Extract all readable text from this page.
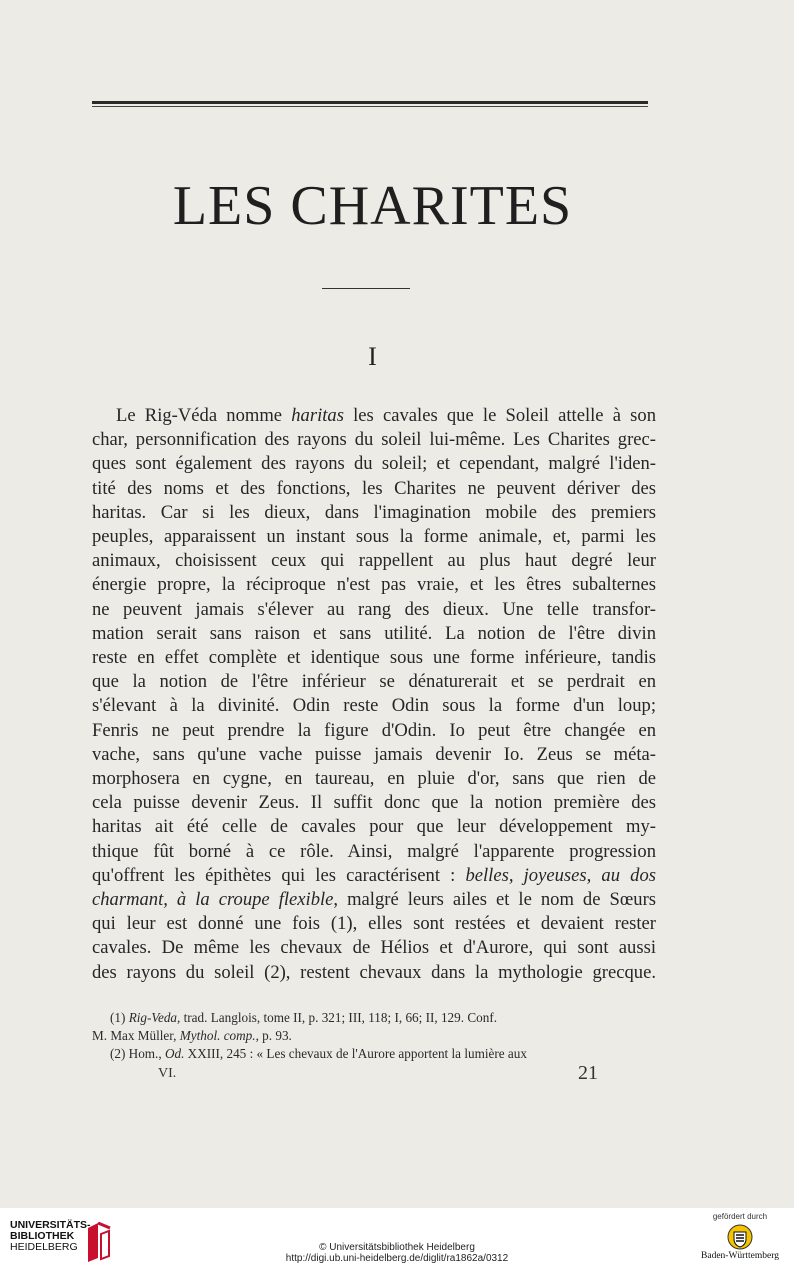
LES CHARITES
I
Le Rig-Véda nomme haritas les cavales que le Soleil attelle à son
char, personnification des rayons du soleil lui-même. Les Charites grec-
ques sont également des rayons du soleil; et cependant, malgré l'iden-
tité des noms et des fonctions, les Charites ne peuvent dériver des
haritas. Car si les dieux, dans l'imagination mobile des premiers
peuples, apparaissent un instant sous la forme animale, et, parmi les
animaux, choisissent ceux qui rappellent au plus haut degré leur
énergie propre, la réciproque n'est pas vraie, et les êtres subalternes
ne peuvent jamais s'élever au rang des dieux. Une telle transfor-
mation serait sans raison et sans utilité. La notion de l'être divin
reste en effet complète et identique sous une forme inférieure, tandis
que la notion de l'être inférieur se dénaturerait et se perdrait en
s'élevant à la divinité. Odin reste Odin sous la forme d'un loup;
Fenris ne peut prendre la figure d'Odin. Io peut être changée en
vache, sans qu'une vache puisse jamais devenir Io. Zeus se méta-
morphosera en cygne, en taureau, en pluie d'or, sans que rien de
cela puisse devenir Zeus. Il suffit donc que la notion première des
haritas ait été celle de cavales pour que leur développement my-
thique fût borné à ce rôle. Ainsi, malgré l'apparente progression
qu'offrent les épithètes qui les caractérisent : belles, joyeuses, au dos
charmant, à la croupe flexible, malgré leurs ailes et le nom de Sœurs
qui leur est donné une fois (1), elles sont restées et devaient rester
cavales. De même les chevaux de Hélios et d'Aurore, qui sont aussi
des rayons du soleil (2), restent chevaux dans la mythologie grecque.
(1) Rig-Veda, trad. Langlois, tome II, p. 321; III, 118; I, 66; II, 129. Conf.
M. Max Müller, Mythol. comp., p. 93.
(2) Hom., Od. XXIII, 245 : « Les chevaux de l'Aurore apportent la lumière aux
VI.	21
UNIVERSITÄTS-
BIBLIOTHEK
HEIDELBERG	© Universitätsbibliothek Heidelberg
http://digi.ub.uni-heidelberg.de/diglit/ra1862a/0312
gefördert durch
Baden-Württemberg
